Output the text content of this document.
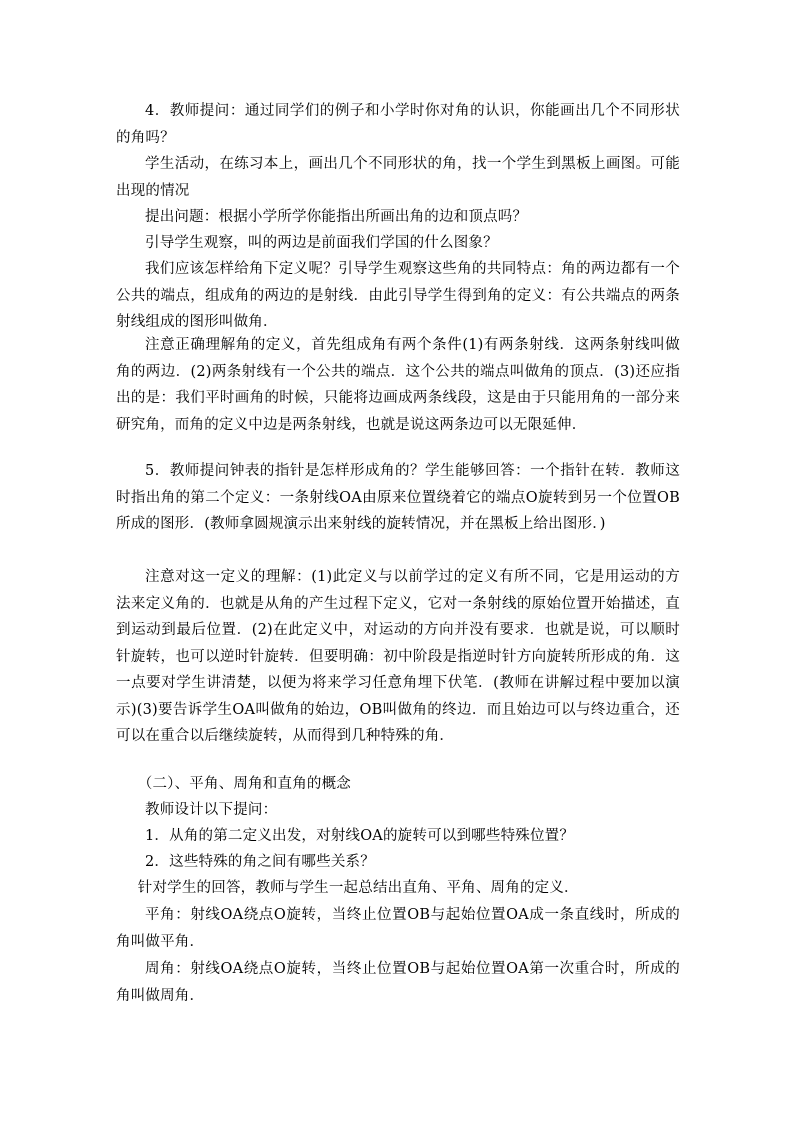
4．教师提问：通过同学们的例子和小学时你对角的认识，你能画出几个不同形状的角吗？

学生活动，在练习本上，画出几个不同形状的角，找一个学生到黑板上画图。可能出现的情况

提出问题：根据小学所学你能指出所画出角的边和顶点吗？

引导学生观察，叫的两边是前面我们学国的什么图象？

我们应该怎样给角下定义呢？引导学生观察这些角的共同特点：角的两边都有一个公共的端点，组成角的两边的是射线．由此引导学生得到角的定义：有公共端点的两条射线组成的图形叫做角．

注意正确理解角的定义，首先组成角有两个条件(1)有两条射线．这两条射线叫做角的两边．(2)两条射线有一个公共的端点．这个公共的端点叫做角的顶点．(3)还应指出的是：我们平时画角的时候，只能将边画成两条线段，这是由于只能用角的一部分来研究角，而角的定义中边是两条射线，也就是说这两条边可以无限延伸．

5．教师提问钟表的指针是怎样形成角的？学生能够回答：一个指针在转．教师这时指出角的第二个定义：一条射线OA由原来位置绕着它的端点O旋转到另一个位置OB所成的图形．(教师拿圆规演示出来射线的旋转情况，并在黑板上给出图形．)

注意对这一定义的理解：(1)此定义与以前学过的定义有所不同，它是用运动的方法来定义角的．也就是从角的产生过程下定义，它对一条射线的原始位置开始描述，直到运动到最后位置．(2)在此定义中，对运动的方向并没有要求．也就是说，可以顺时针旋转，也可以逆时针旋转．但要明确：初中阶段是指逆时针方向旋转所形成的角．这一点要对学生讲清楚，以便为将来学习任意角埋下伏笔．(教师在讲解过程中要加以演示)(3)要告诉学生OA叫做角的始边，OB叫做角的终边．而且始边可以与终边重合，还可以在重合以后继续旋转，从而得到几种特殊的角．

（二）、平角、周角和直角的概念

教师设计以下提问：

1．从角的第二定义出发，对射线OA的旋转可以到哪些特殊位置？

2．这些特殊的角之间有哪些关系？

针对学生的回答，教师与学生一起总结出直角、平角、周角的定义．

平角：射线OA绕点O旋转，当终止位置OB与起始位置OA成一条直线时，所成的角叫做平角．

周角：射线OA绕点O旋转，当终止位置OB与起始位置OA第一次重合时，所成的角叫做周角．
